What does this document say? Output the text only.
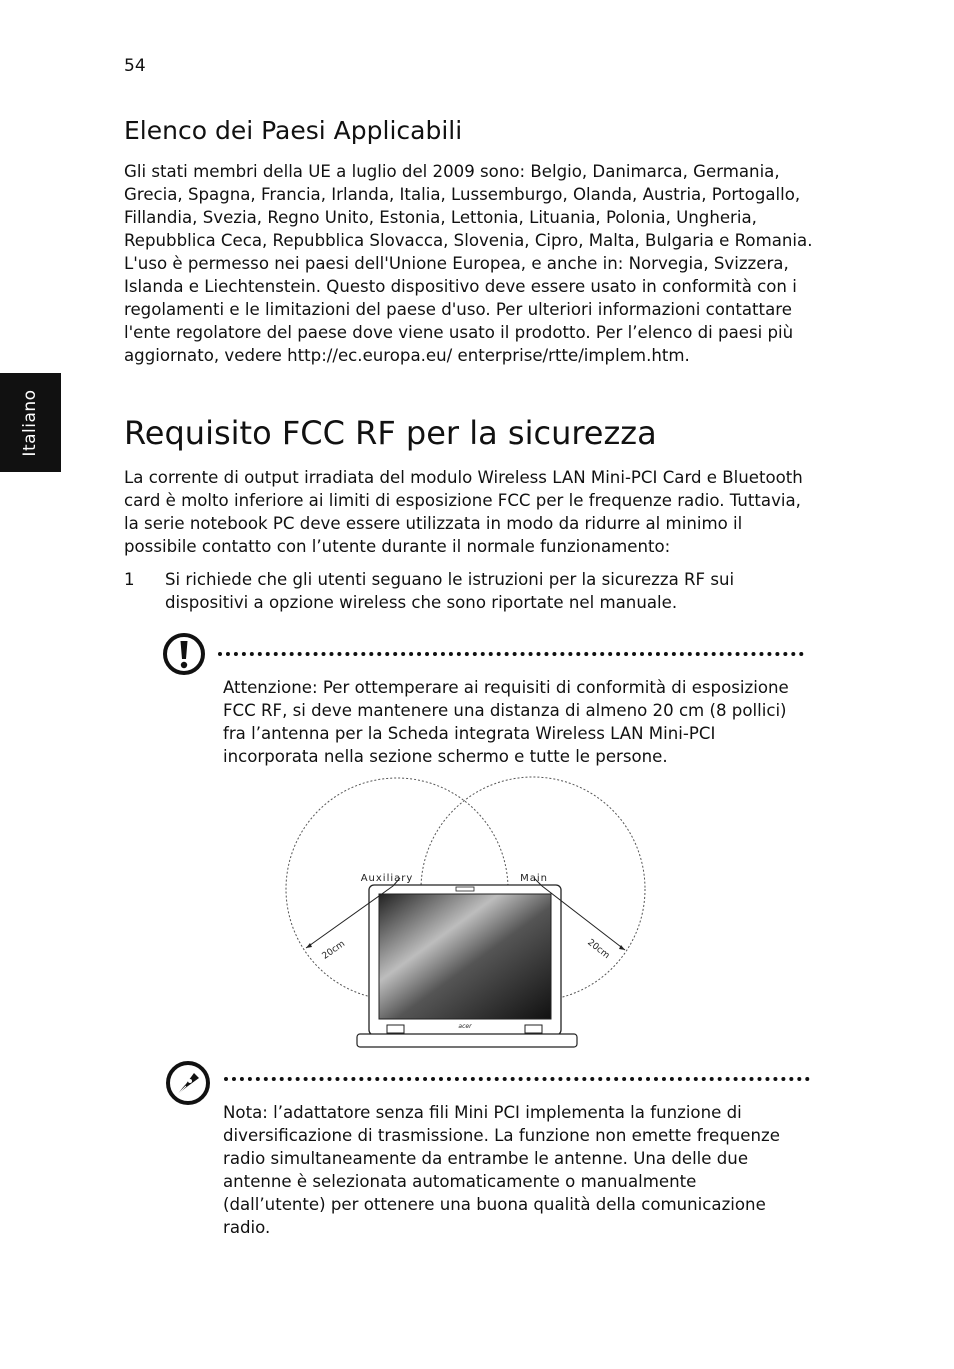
54
Italiano
Elenco dei Paesi Applicabili

Gli stati membri della UE a luglio del 2009 sono: Belgio, Danimarca, Germania, Grecia, Spagna, Francia, Irlanda, Italia, Lussemburgo, Olanda, Austria, Portogallo, Fillandia, Svezia, Regno Unito, Estonia, Lettonia, Lituania, Polonia, Ungheria, Repubblica Ceca, Repubblica Slovacca, Slovenia, Cipro, Malta, Bulgaria e Romania. L'uso è permesso nei paesi dell'Unione Europea, e anche in: Norvegia, Svizzera, Islanda e Liechtenstein. Questo dispositivo deve essere usato in conformità con i regolamenti e le limitazioni del paese d'uso. Per ulteriori informazioni contattare l'ente regolatore del paese dove viene usato il prodotto. Per l’elenco di paesi più aggiornato, vedere http://ec.europa.eu/ enterprise/rtte/implem.htm.

Requisito FCC RF per la sicurezza

La corrente di output irradiata del modulo Wireless LAN Mini-PCI Card e Bluetooth card è molto inferiore ai limiti di esposizione FCC per le frequenze radio. Tuttavia, la serie notebook PC deve essere utilizzata in modo da ridurre al minimo il possibile contatto con l’utente durante il normale funzionamento:

1 Si richiede che gli utenti seguano le istruzioni per la sicurezza RF sui dispositivi a opzione wireless che sono riportate nel manuale.

Attenzione: Per ottemperare ai requisiti di conformità di esposizione FCC RF, si deve mantenere una distanza di almeno 20 cm (8 pollici) fra l’antenna per la Scheda integrata Wireless LAN Mini-PCI incorporata nella sezione schermo e tutte le persone.

acer
Auxiliary	Main
20cm	20cm

Nota: l’adattatore senza fili Mini PCI implementa la funzione di diversificazione di trasmissione. La funzione non emette frequenze radio simultaneamente da entrambe le antenne. Una delle due antenne è selezionata automaticamente o manualmente (dall’utente) per ottenere una buona qualità della comunicazione radio.
